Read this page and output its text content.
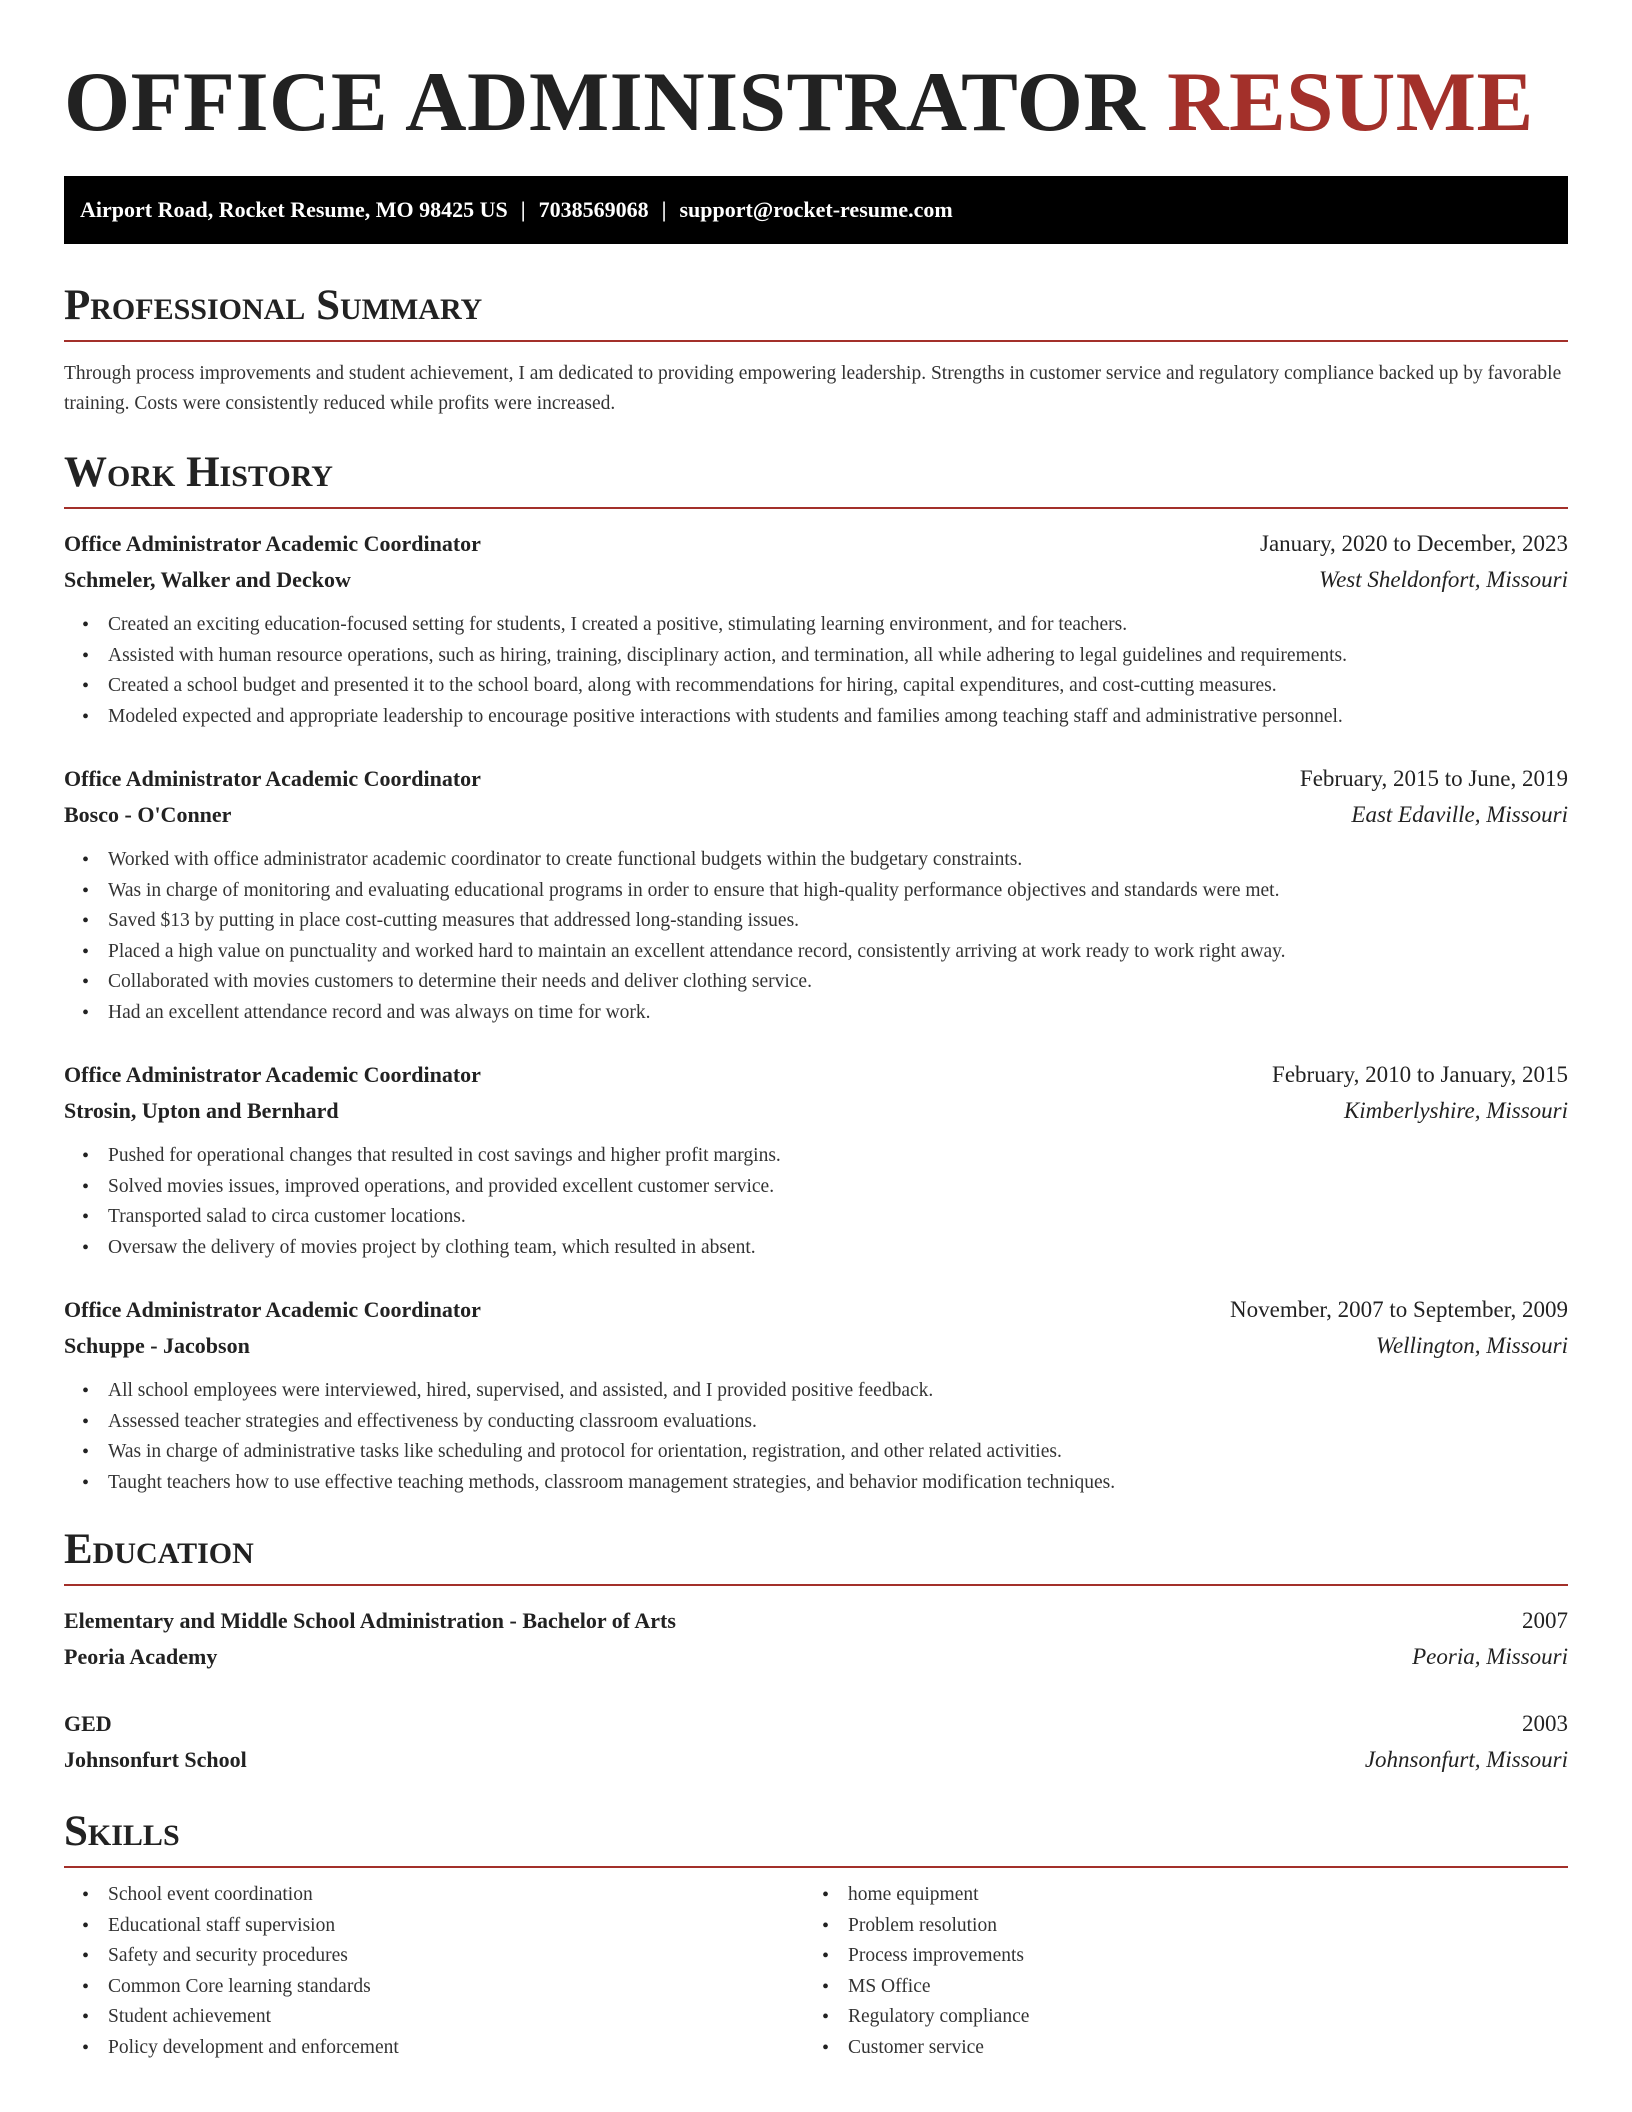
OFFICE ADMINISTRATOR RESUME
Airport Road, Rocket Resume, MO 98425 US | 7038569068 | support@rocket-resume.com
Professional Summary

Through process improvements and student achievement, I am dedicated to providing empowering leadership. Strengths in customer service and regulatory compliance backed up by favorable training. Costs were consistently reduced while profits were increased.

Work History
Office Administrator Academic Coordinator	January, 2020 to December, 2023
Schmeler, Walker and Deckow	West Sheldonfort, Missouri
• Created an exciting education-focused setting for students, I created a positive, stimulating learning environment, and for teachers.
• Assisted with human resource operations, such as hiring, training, disciplinary action, and termination, all while adhering to legal guidelines and requirements.
• Created a school budget and presented it to the school board, along with recommendations for hiring, capital expenditures, and cost-cutting measures.
• Modeled expected and appropriate leadership to encourage positive interactions with students and families among teaching staff and administrative personnel.
Office Administrator Academic Coordinator	February, 2015 to June, 2019
Bosco - O'Conner	East Edaville, Missouri
• Worked with office administrator academic coordinator to create functional budgets within the budgetary constraints.
• Was in charge of monitoring and evaluating educational programs in order to ensure that high-quality performance objectives and standards were met.
• Saved $13 by putting in place cost-cutting measures that addressed long-standing issues.
• Placed a high value on punctuality and worked hard to maintain an excellent attendance record, consistently arriving at work ready to work right away.
• Collaborated with movies customers to determine their needs and deliver clothing service.
• Had an excellent attendance record and was always on time for work.
Office Administrator Academic Coordinator	February, 2010 to January, 2015
Strosin, Upton and Bernhard	Kimberlyshire, Missouri
• Pushed for operational changes that resulted in cost savings and higher profit margins.
• Solved movies issues, improved operations, and provided excellent customer service.
• Transported salad to circa customer locations.
• Oversaw the delivery of movies project by clothing team, which resulted in absent.
Office Administrator Academic Coordinator	November, 2007 to September, 2009
Schuppe - Jacobson	Wellington, Missouri
• All school employees were interviewed, hired, supervised, and assisted, and I provided positive feedback.
• Assessed teacher strategies and effectiveness by conducting classroom evaluations.
• Was in charge of administrative tasks like scheduling and protocol for orientation, registration, and other related activities.
• Taught teachers how to use effective teaching methods, classroom management strategies, and behavior modification techniques.
Education
Elementary and Middle School Administration - Bachelor of Arts	2007
Peoria Academy	Peoria, Missouri
GED	2003
Johnsonfurt School	Johnsonfurt, Missouri
Skills
• School event coordination
• Educational staff supervision
• Safety and security procedures
• Common Core learning standards
• Student achievement
• Policy development and enforcement
• home equipment
• Problem resolution
• Process improvements
• MS Office
• Regulatory compliance
• Customer service
